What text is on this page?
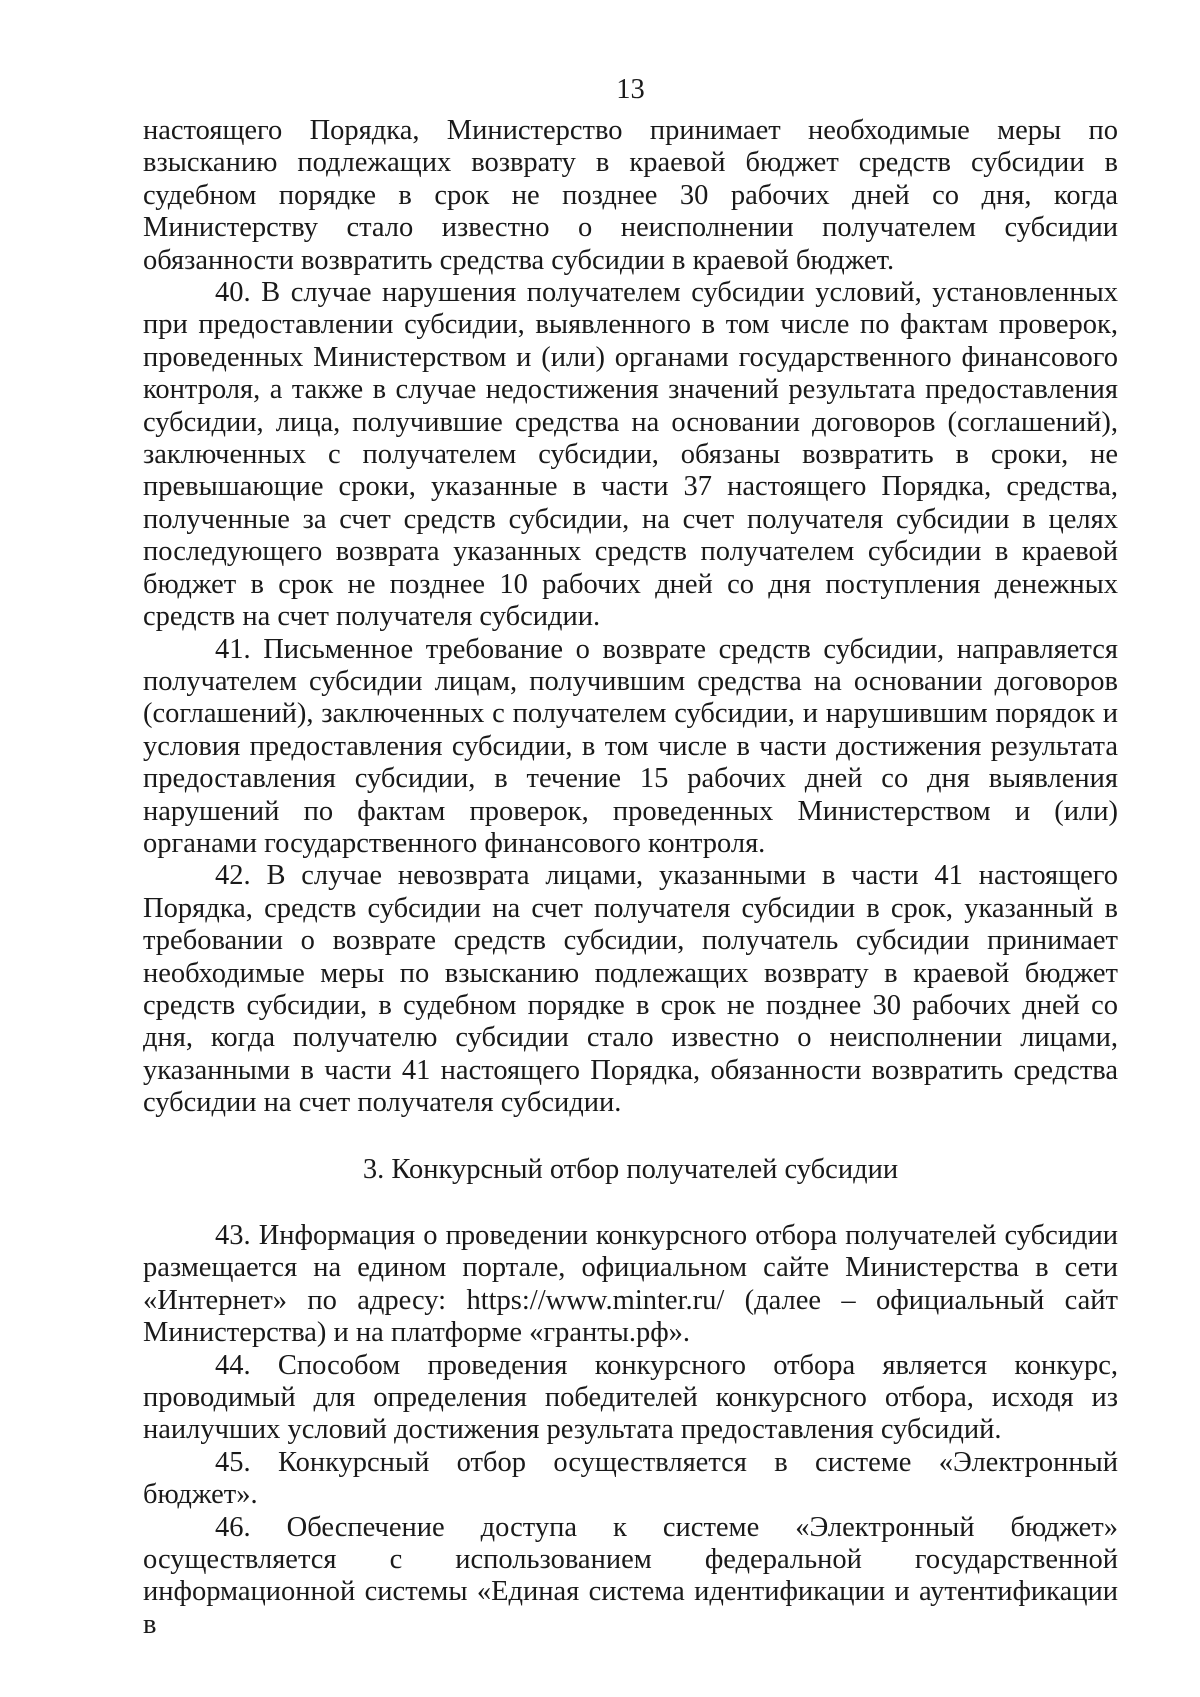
13

настоящего Порядка, Министерство принимает необходимые меры по взысканию подлежащих возврату в краевой бюджет средств субсидии в судебном порядке в срок не позднее 30 рабочих дней со дня, когда Министерству стало известно о неисполнении получателем субсидии обязанности возвратить средства субсидии в краевой бюджет.

40. В случае нарушения получателем субсидии условий, установленных при предоставлении субсидии, выявленного в том числе по фактам проверок, проведенных Министерством и (или) органами государственного финансового контроля, а также в случае недостижения значений результата предоставления субсидии, лица, получившие средства на основании договоров (соглашений), заключенных с получателем субсидии, обязаны возвратить в сроки, не превышающие сроки, указанные в части 37 настоящего Порядка, средства, полученные за счет средств субсидии, на счет получателя субсидии в целях последующего возврата указанных средств получателем субсидии в краевой бюджет в срок не позднее 10 рабочих дней со дня поступления денежных средств на счет получателя субсидии.

41. Письменное требование о возврате средств субсидии, направляется получателем субсидии лицам, получившим средства на основании договоров (соглашений), заключенных с получателем субсидии, и нарушившим порядок и условия предоставления субсидии, в том числе в части достижения результата предоставления субсидии, в течение 15 рабочих дней со дня выявления нарушений по фактам проверок, проведенных Министерством и (или) органами государственного финансового контроля.

42. В случае невозврата лицами, указанными в части 41 настоящего Порядка, средств субсидии на счет получателя субсидии в срок, указанный в требовании о возврате средств субсидии, получатель субсидии принимает необходимые меры по взысканию подлежащих возврату в краевой бюджет средств субсидии, в судебном порядке в срок не позднее 30 рабочих дней со дня, когда получателю субсидии стало известно о неисполнении лицами, указанными в части 41 настоящего Порядка, обязанности возвратить средства субсидии на счет получателя субсидии.

3. Конкурсный отбор получателей субсидии

43. Информация о проведении конкурсного отбора получателей субсидии размещается на едином портале, официальном сайте Министерства в сети «Интернет» по адресу: https://www.minter.ru/ (далее – официальный сайт Министерства) и на платформе «гранты.рф».

44. Способом проведения конкурсного отбора является конкурс, проводимый для определения победителей конкурсного отбора, исходя из наилучших условий достижения результата предоставления субсидий.

45. Конкурсный отбор осуществляется в системе «Электронный бюджет».

46. Обеспечение доступа к системе «Электронный бюджет» осуществляется с использованием федеральной государственной информационной системы «Единая система идентификации и аутентификации в
